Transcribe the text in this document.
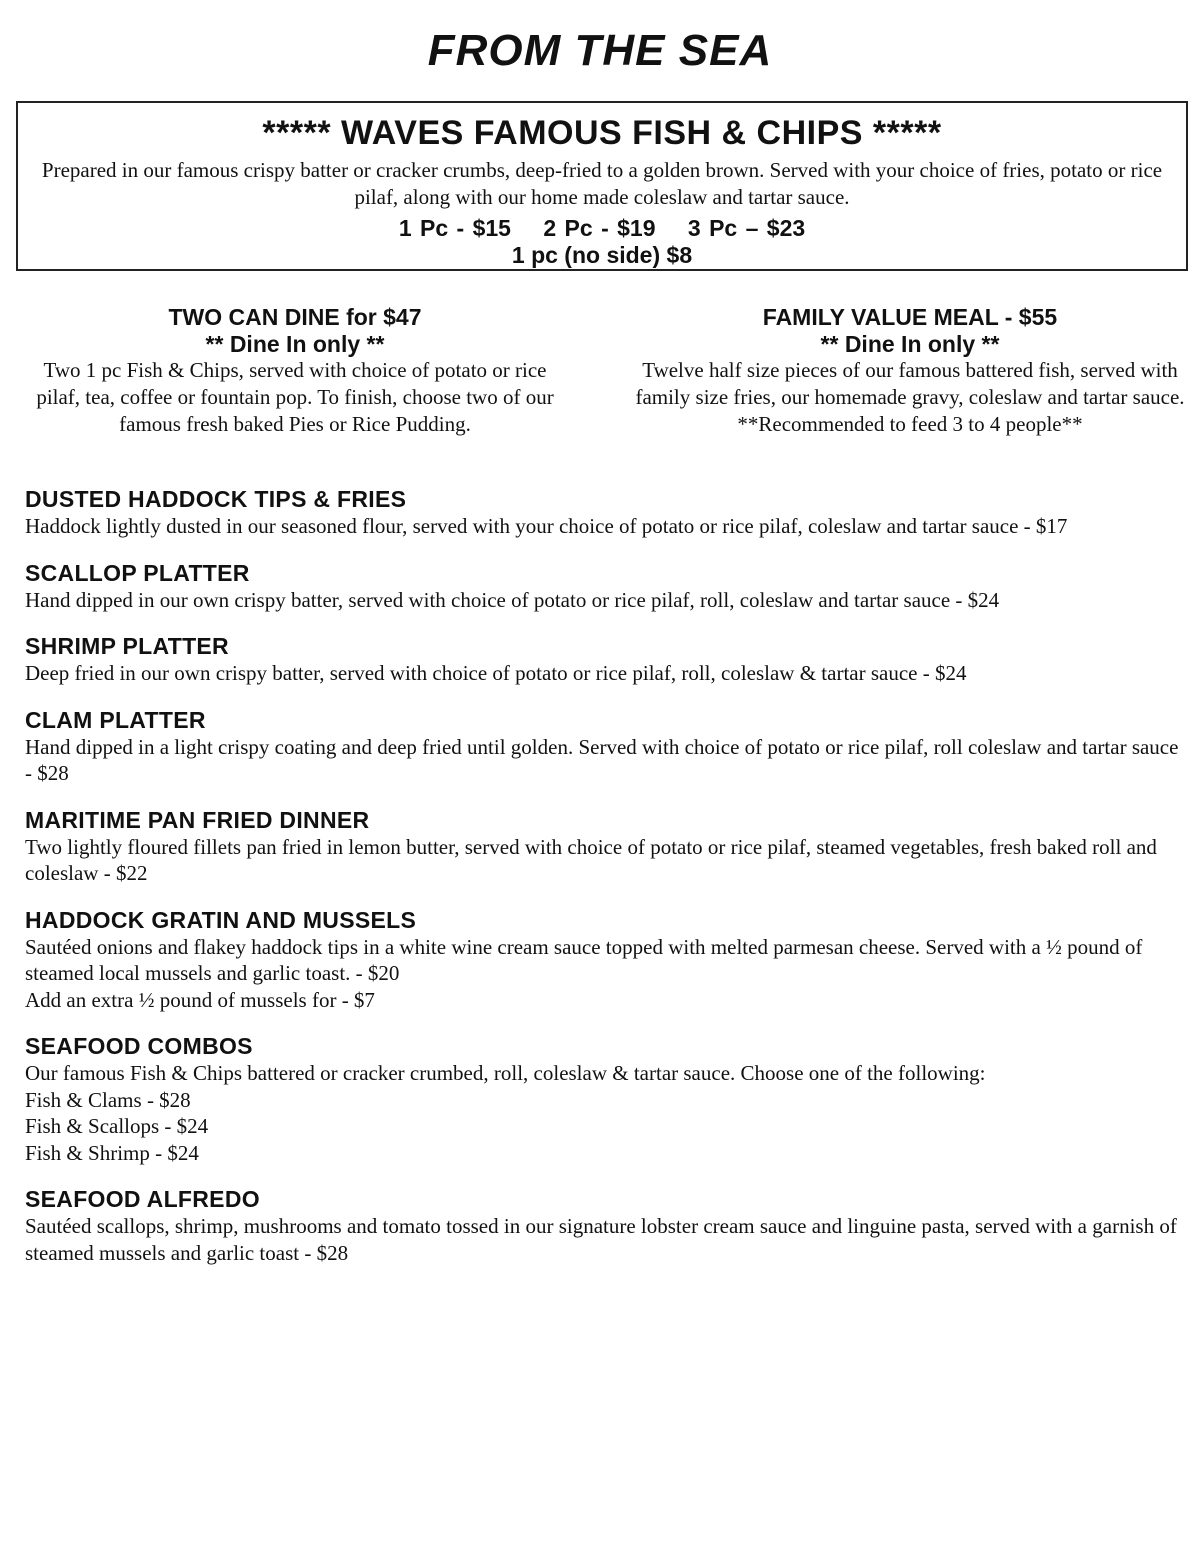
FROM THE SEA
***** WAVES FAMOUS FISH & CHIPS *****
Prepared in our famous crispy batter or cracker crumbs, deep-fried to a golden brown. Served with your choice of fries, potato or rice pilaf, along with our home made coleslaw and tartar sauce.
1 Pc - $15 2 Pc - $19 3 Pc – $23
1 pc (no side) $8
TWO CAN DINE for $47
** Dine In only **
Two 1 pc Fish & Chips, served with choice of potato or rice pilaf, tea, coffee or fountain pop. To finish, choose two of our famous fresh baked Pies or Rice Pudding.
FAMILY VALUE MEAL - $55
** Dine In only **
Twelve half size pieces of our famous battered fish, served with family size fries, our homemade gravy, coleslaw and tartar sauce.
**Recommended to feed 3 to 4 people**
DUSTED HADDOCK TIPS & FRIES
Haddock lightly dusted in our seasoned flour, served with your choice of potato or rice pilaf, coleslaw and tartar sauce - $17
SCALLOP PLATTER
Hand dipped in our own crispy batter, served with choice of potato or rice pilaf, roll, coleslaw and tartar sauce - $24
SHRIMP PLATTER
Deep fried in our own crispy batter, served with choice of potato or rice pilaf, roll, coleslaw & tartar sauce - $24
CLAM PLATTER
Hand dipped in a light crispy coating and deep fried until golden. Served with choice of potato or rice pilaf, roll coleslaw and tartar sauce - $28
MARITIME PAN FRIED DINNER
Two lightly floured fillets pan fried in lemon butter, served with choice of potato or rice pilaf, steamed vegetables, fresh baked roll and coleslaw - $22
HADDOCK GRATIN AND MUSSELS
Sautéed onions and flakey haddock tips in a white wine cream sauce topped with melted parmesan cheese. Served with a ½ pound of steamed local mussels and garlic toast. - $20
Add an extra ½ pound of mussels for - $7
SEAFOOD COMBOS
Our famous Fish & Chips battered or cracker crumbed, roll, coleslaw & tartar sauce. Choose one of the following:
Fish & Clams - $28
Fish & Scallops - $24
Fish & Shrimp - $24
SEAFOOD ALFREDO
Sautéed scallops, shrimp, mushrooms and tomato tossed in our signature lobster cream sauce and linguine pasta, served with a garnish of steamed mussels and garlic toast - $28
